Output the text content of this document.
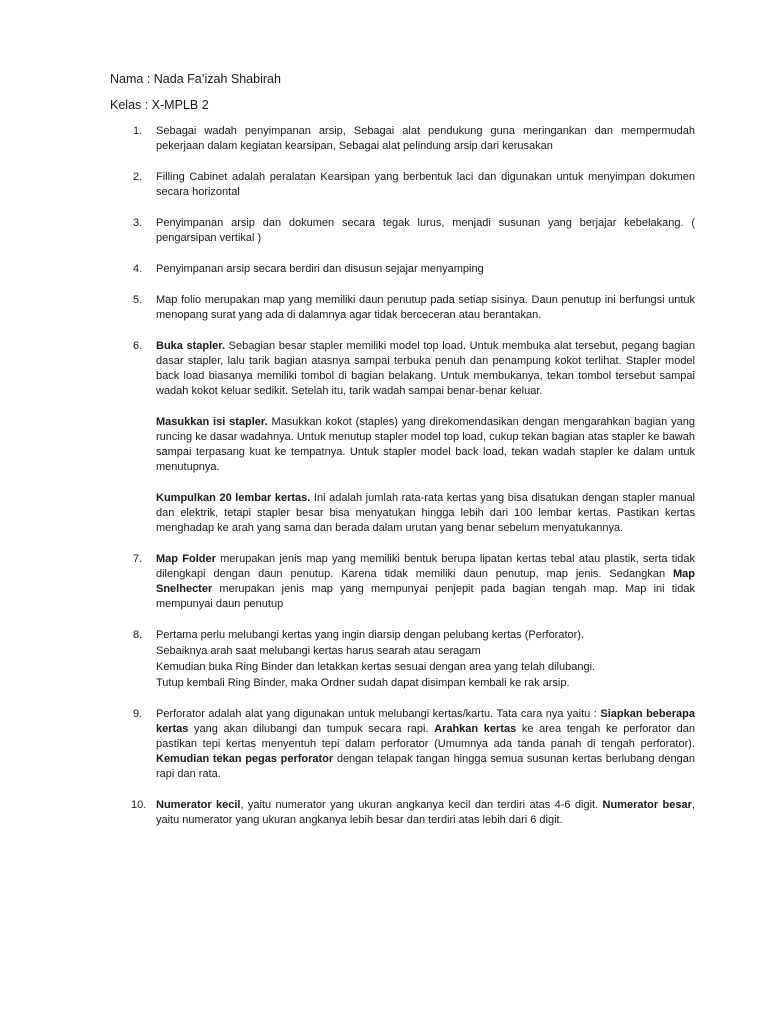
Nama : Nada Fa’izah Shabirah
Kelas : X-MPLB 2
1.	Sebagai wadah penyimpanan arsip, Sebagai alat pendukung guna meringankan dan mempermudah pekerjaan dalam kegiatan kearsipan, Sebagai alat pelindung arsip dari kerusakan
2.	Filling Cabinet adalah peralatan Kearsipan yang berbentuk laci dan digunakan untuk menyimpan dokumen secara horizontal
3.	Penyimpanan arsip dan dokumen secara tegak lurus, menjadi susunan yang berjajar kebelakang. ( pengarsipan vertikal )
4.	Penyimpanan arsip secara berdiri dan disusun sejajar menyamping
5.	Map folio merupakan map yang memiliki daun penutup pada setiap sisinya. Daun penutup ini berfungsi untuk menopang surat yang ada di dalamnya agar tidak berceceran atau berantakan.
6.	Buka stapler. Sebagian besar stapler memiliki model top load. Untuk membuka alat tersebut, pegang bagian dasar stapler, lalu tarik bagian atasnya sampai terbuka penuh dan penampung kokot terlihat. Stapler model back load biasanya memiliki tombol di bagian belakang. Untuk membukanya, tekan tombol tersebut sampai wadah kokot keluar sedikit. Setelah itu, tarik wadah sampai benar-benar keluar.
Masukkan isi stapler. Masukkan kokot (staples) yang direkomendasikan dengan mengarahkan bagian yang runcing ke dasar wadahnya. Untuk menutup stapler model top load, cukup tekan bagian atas stapler ke bawah sampai terpasang kuat ke tempatnya. Untuk stapler model back load, tekan wadah stapler ke dalam untuk menutupnya.
Kumpulkan 20 lembar kertas. Ini adalah jumlah rata-rata kertas yang bisa disatukan dengan stapler manual dan elektrik, tetapi stapler besar bisa menyatukan hingga lebih dari 100 lembar kertas. Pastikan kertas menghadap ke arah yang sama dan berada dalam urutan yang benar sebelum menyatukannya.
7.	Map Folder merupakan jenis map yang memiliki bentuk berupa lipatan kertas tebal atau plastik, serta tidak dilengkapi dengan daun penutup. Karena tidak memiliki daun penutup, map jenis. Sedangkan Map Snelhecter merupakan jenis map yang mempunyai penjepit pada bagian tengah map. Map ini tidak mempunyai daun penutup
8.	Pertama perlu melubangi kertas yang ingin diarsip dengan pelubang kertas (Perforator).
Sebaiknya arah saat melubangi kertas harus searah atau seragam
Kemudian buka Ring Binder dan letakkan kertas sesuai dengan area yang telah dilubangi.
Tutup kembali Ring Binder, maka Ordner sudah dapat disimpan kembali ke rak arsip.
9.	Perforator adalah alat yang digunakan untuk melubangi kertas/kartu. Tata cara nya yaitu : Siapkan beberapa kertas yang akan dilubangi dan tumpuk secara rapi. Arahkan kertas ke area tengah ke perforator dan pastikan tepi kertas menyentuh tepi dalam perforator (Umumnya ada tanda panah di tengah perforator). Kemudian tekan pegas perforator dengan telapak tangan hingga semua susunan kertas berlubang dengan rapi dan rata.
10. Numerator kecil, yaitu numerator yang ukuran angkanya kecil dan terdiri atas 4-6 digit. Numerator besar, yaitu numerator yang ukuran angkanya lebih besar dan terdiri atas lebih dari 6 digit.
